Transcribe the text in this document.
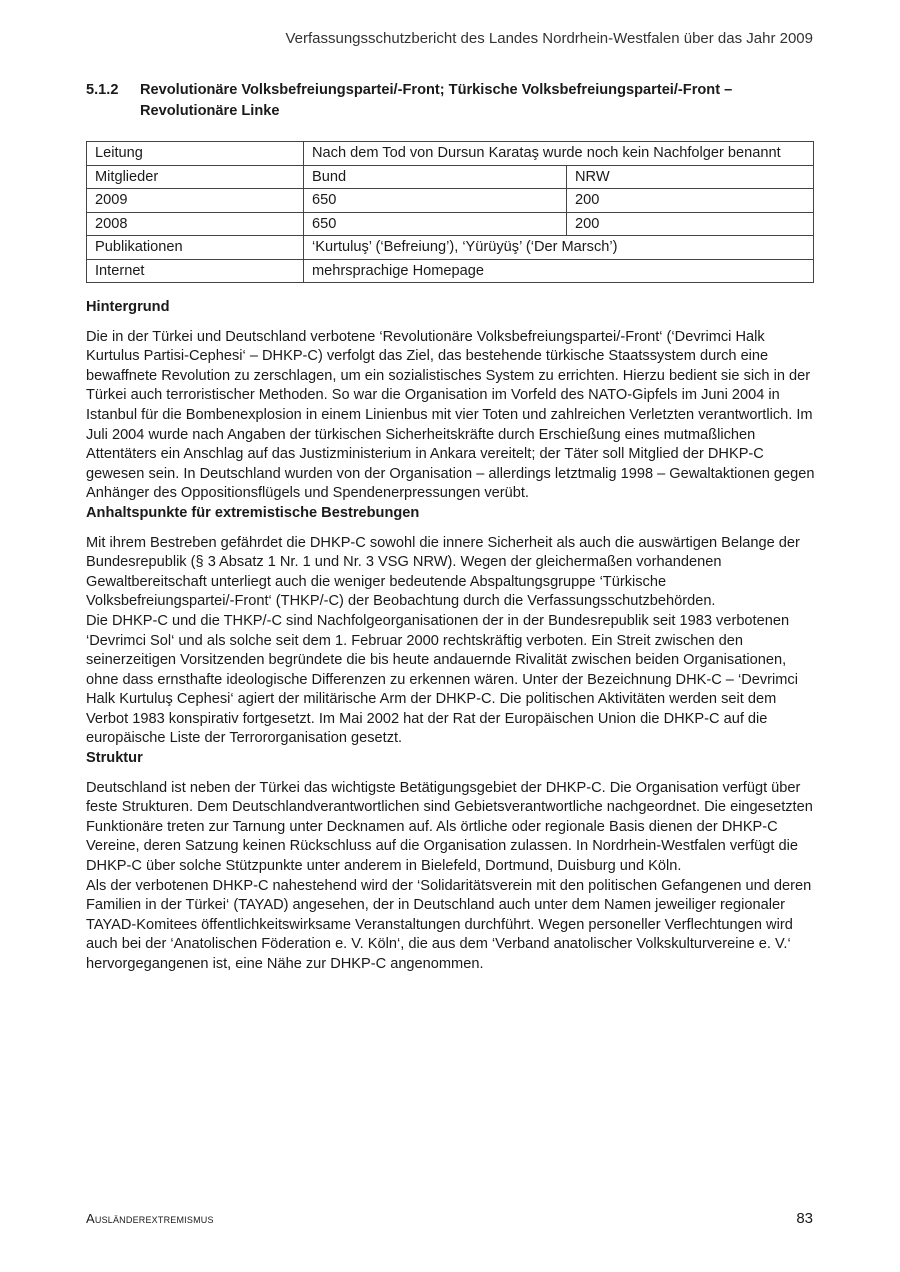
Verfassungsschutzbericht des Landes Nordrhein-Westfalen über das Jahr 2009
5.1.2	Revolutionäre Volksbefreiungspartei/-Front; Türkische Volksbefreiungspartei/-Front – Revolutionäre Linke
Leitung	Nach dem Tod von Dursun Karataş wurde noch kein Nachfolger benannt	
Mitglieder	Bund	NRW
2009	650	200
2008	650	200
Publikationen	‘Kurtuluş’ (‘Befreiung’), ‘Yürüyüş’ (‘Der Marsch’)	
Internet	mehrsprachige Homepage	
Hintergrund

Die in der Türkei und Deutschland verbotene ‘Revolutionäre Volksbefreiungspartei/-Front‘ (‘Devrimci Halk Kurtulus Partisi-Cephesi‘ – DHKP-C) verfolgt das Ziel, das bestehende türkische Staatssystem durch eine bewaffnete Revolution zu zerschlagen, um ein sozialistisches System zu errichten. Hierzu bedient sie sich in der Türkei auch terroristischer Methoden. So war die Organisation im Vorfeld des NATO-Gipfels im Juni 2004 in Istanbul für die Bombenexplosion in einem Linienbus mit vier Toten und zahlreichen Verletzten verantwortlich. Im Juli 2004 wurde nach Angaben der türkischen Sicherheitskräfte durch Erschießung eines mutmaßlichen Attentäters ein Anschlag auf das Justizministerium in Ankara vereitelt; der Täter soll Mitglied der DHKP-C gewesen sein. In Deutschland wurden von der Organisation – allerdings letztmalig 1998 – Gewaltaktionen gegen Anhänger des Oppositionsflügels und Spendenerpressungen verübt.

Anhaltspunkte für extremistische Bestrebungen

Mit ihrem Bestreben gefährdet die DHKP-C sowohl die innere Sicherheit als auch die auswärtigen Belange der Bundesrepublik (§ 3 Absatz 1 Nr. 1 und Nr. 3 VSG NRW). Wegen der gleichermaßen vorhandenen Gewaltbereitschaft unterliegt auch die weniger bedeutende Abspaltungsgruppe ‘Türkische Volksbefreiungspartei/-Front‘ (THKP/-C) der Beobachtung durch die Verfassungsschutzbehörden.

Die DHKP-C und die THKP/-C sind Nachfolgeorganisationen der in der Bundesrepublik seit 1983 verbotenen ‘Devrimci Sol‘ und als solche seit dem 1. Februar 2000 rechtskräftig verboten. Ein Streit zwischen den seinerzeitigen Vorsitzenden begründete die bis heute andauernde Rivalität zwischen beiden Organisationen, ohne dass ernsthafte ideologische Differenzen zu erkennen wären. Unter der Bezeichnung DHK-C – ‘Devrimci Halk Kurtuluş Cephesi‘ agiert der militärische Arm der DHKP-C. Die politischen Aktivitäten werden seit dem Verbot 1983 konspirativ fortgesetzt. Im Mai 2002 hat der Rat der Europäischen Union die DHKP-C auf die europäische Liste der Terrororganisation gesetzt.

Struktur

Deutschland ist neben der Türkei das wichtigste Betätigungsgebiet der DHKP-C. Die Organisation verfügt über feste Strukturen. Dem Deutschlandverantwortlichen sind Gebietsverantwortliche nachgeordnet. Die eingesetzten Funktionäre treten zur Tarnung unter Decknamen auf. Als örtliche oder regionale Basis dienen der DHKP-C Vereine, deren Satzung keinen Rückschluss auf die Organisation zulassen. In Nordrhein-Westfalen verfügt die DHKP-C über solche Stützpunkte unter anderem in Bielefeld, Dortmund, Duisburg und Köln.

Als der verbotenen DHKP-C nahestehend wird der ‘Solidaritätsverein mit den politischen Gefangenen und deren Familien in der Türkei‘ (TAYAD) angesehen, der in Deutschland auch unter dem Namen jeweiliger regionaler TAYAD-Komitees öffentlichkeitswirksame Veranstaltungen durchführt. Wegen personeller Verflechtungen wird auch bei der ‘Anatolischen Föderation e. V. Köln‘, die aus dem ‘Verband anatolischer Volkskulturvereine e. V.‘ hervorgegangenen ist, eine Nähe zur DHKP-C angenommen.

Ausländerextremismus	83
